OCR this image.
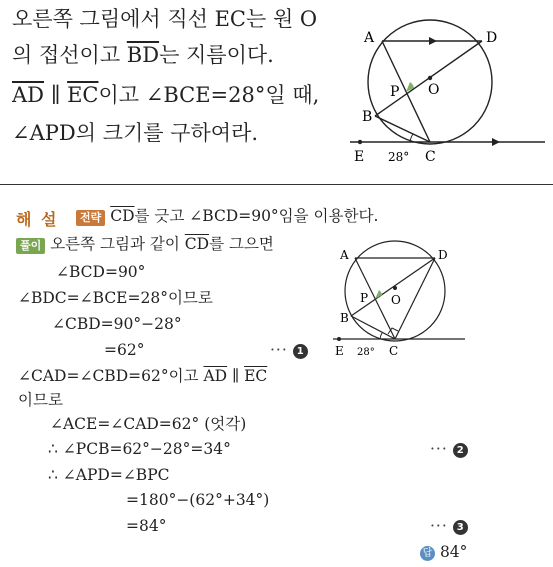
오른쪽 그림에서 직선 EC는 원 O
의 접선이고 $\overline{BD}$는 지름이다.
$\overline{AD}$ ∥ $\overline{EC}$이고 ∠BCE=28°일 때,
∠APD의 크기를 구하여라.
A	D
P O
B
E	C
28°
해 설	전략 $\overline{CD}$를 긋고 ∠BCD=90°임을 이용한다.
풀이 오른쪽 그림과 같이 $\overline{CD}$를 그으면
∠BCD=90°
∠BDC=∠BCE=28°이므로
∠CBD=90°−28°
=62°	··· 1
∠CAD=∠CBD=62°이고 $\overline{AD}$ ∥ $\overline{EC}$
이므로
∠ACE=∠CAD=62° (엇각)
∴ ∠PCB=62°−28°=34°	··· 2
∴ ∠APD=∠BPC
=180°−(62°+34°)
=84°	··· 3
답 84°
A	D
P O
B
E	C
28°
